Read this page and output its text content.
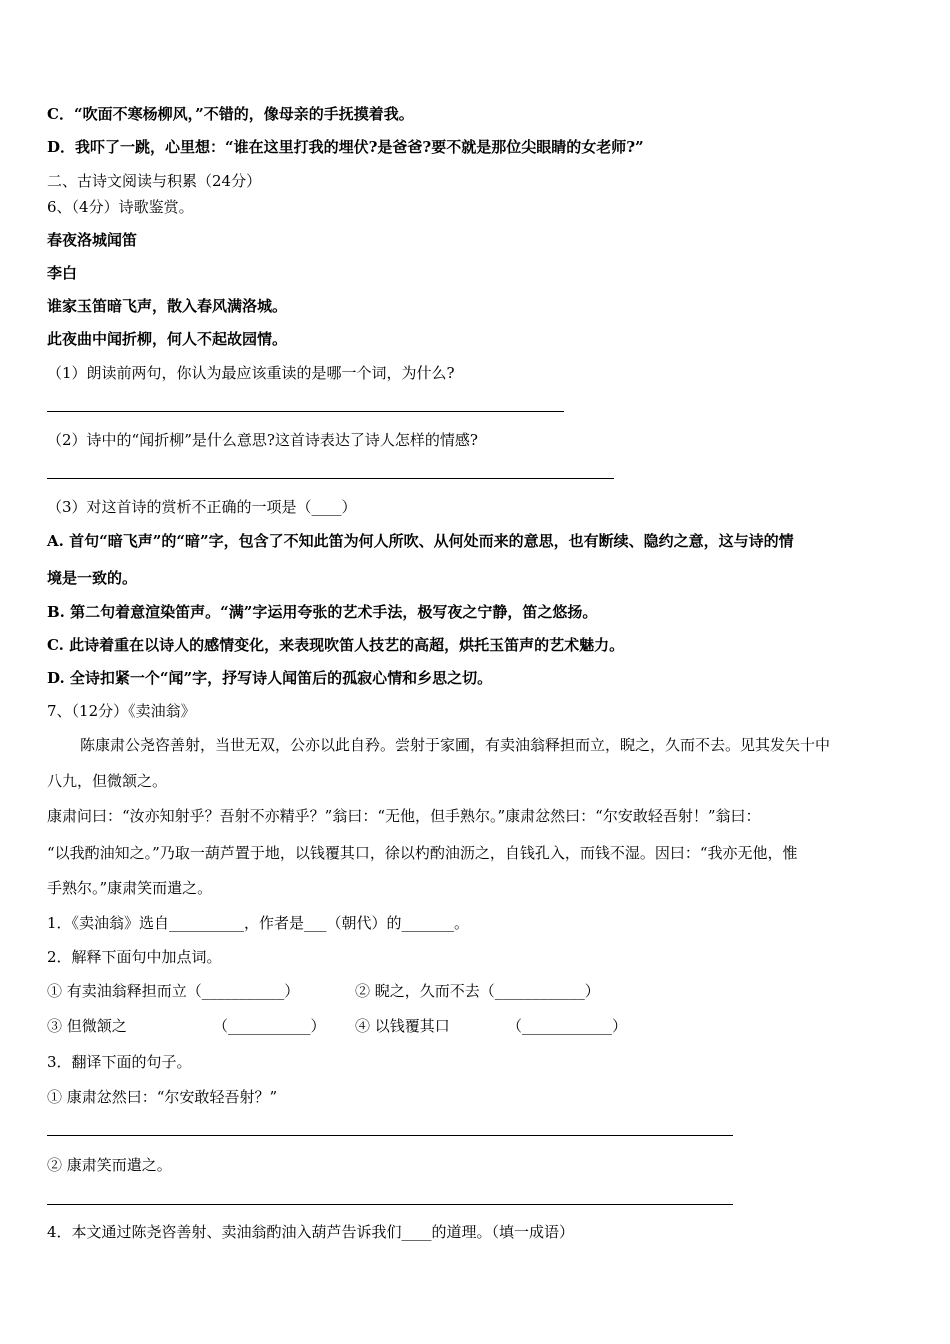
C．“吹面不寒杨柳风，”不错的，像母亲的手抚摸着我。
D．我吓了一跳，心里想：“谁在这里打我的埋伏?是爸爸?要不就是那位尖眼睛的女老师?”
二、古诗文阅读与积累（24分）
6、（4分）诗歌鉴赏。
春夜洛城闻笛
李白
谁家玉笛暗飞声，散入春风满洛城。
此夜曲中闻折柳，何人不起故园情。
（1）朗读前两句，你认为最应该重读的是哪一个词，为什么?
（2）诗中的“闻折柳”是什么意思?这首诗表达了诗人怎样的情感?
（3）对这首诗的赏析不正确的一项是（____）
A. 首句“暗飞声”的“暗”字，包含了不知此笛为何人所吹、从何处而来的意思，也有断续、隐约之意，这与诗的情
境是一致的。
B. 第二句着意渲染笛声。“满”字运用夸张的艺术手法，极写夜之宁静，笛之悠扬。
C. 此诗着重在以诗人的感情变化，来表现吹笛人技艺的高超，烘托玉笛声的艺术魅力。
D. 全诗扣紧一个“闻”字，抒写诗人闻笛后的孤寂心情和乡思之切。
7、（12分）《卖油翁》
陈康肃公尧咨善射，当世无双，公亦以此自矜。尝射于家圃，有卖油翁释担而立，睨之，久而不去。见其发矢十中
八九，但微颔之。
康肃问曰：“汝亦知射乎？吾射不亦精乎？”翁曰：“无他，但手熟尔。”康肃忿然曰：“尔安敢轻吾射！”翁曰：
“以我酌油知之。”乃取一葫芦置于地，以钱覆其口，徐以杓酌油沥之，自钱孔入，而钱不湿。因曰：“我亦无他，惟
手熟尔。”康肃笑而遣之。
1．《卖油翁》选自__________，作者是___（朝代）的_______。
2．解释下面句中加点词。
① 有卖油翁释担而立（___________）	② 睨之，久而不去（____________）
③ 但微颔之	（___________） ④ 以钱覆其口	（____________）
3．翻译下面的句子。
① 康肃忿然曰：“尔安敢轻吾射？”
② 康肃笑而遣之。
4．本文通过陈尧咨善射、卖油翁酌油入葫芦告诉我们____的道理。（填一成语）
